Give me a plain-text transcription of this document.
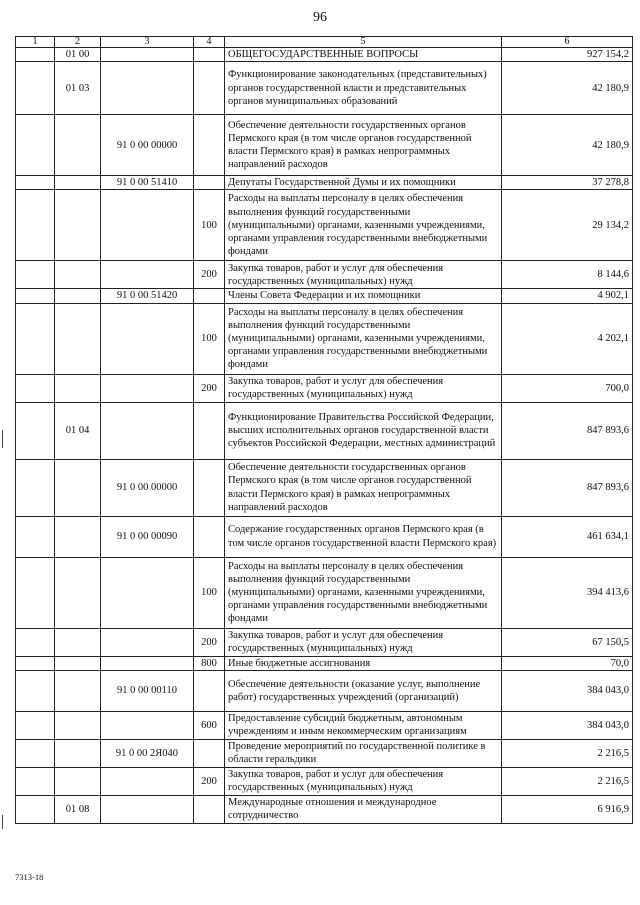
96
1	2	3	4	5	6
	01 00			ОБЩЕГОСУДАРСТВЕННЫЕ ВОПРОСЫ	927 154,2
	01 03			Функционирование законодательных (представительных) органов государственной власти и представительных органов муниципальных образований	42 180,9
		91 0 00 00000		Обеспечение деятельности государственных органов Пермского края (в том числе органов государственной власти Пермского края) в рамках непрограммных направлений расходов	42 180,9
		91 0 00 51410		Депутаты Государственной Думы и их помощники	37 278,8
			100	Расходы на выплаты персоналу в целях обеспечения выполнения функций государственными (муниципальными) органами, казенными учреждениями, органами управления государственными внебюджетными фондами	29 134,2
			200	Закупка товаров, работ и услуг для обеспечения государственных (муниципальных) нужд	8 144,6
		91 0 00 51420		Члены Совета Федерации и их помощники	4 902,1
			100	Расходы на выплаты персоналу в целях обеспечения выполнения функций государственными (муниципальными) органами, казенными учреждениями, органами управления государственными внебюджетными фондами	4 202,1
			200	Закупка товаров, работ и услуг для обеспечения государственных (муниципальных) нужд	700,0
	01 04			Функционирование Правительства Российской Федерации, высших исполнительных органов государственной власти субъектов Российской Федерации, местных администраций	847 893,6
		91 0 00 00000		Обеспечение деятельности государственных органов Пермского края (в том числе органов государственной власти Пермского края) в рамках непрограммных направлений расходов	847 893,6
		91 0 00 00090		Содержание государственных органов Пермского края (в том числе органов государственной власти Пермского края)	461 634,1
			100	Расходы на выплаты персоналу в целях обеспечения выполнения функций государственными (муниципальными) органами, казенными учреждениями, органами управления государственными внебюджетными фондами	394 413,6
			200	Закупка товаров, работ и услуг для обеспечения государственных (муниципальных) нужд	67 150,5
			800	Иные бюджетные ассигнования	70,0
		91 0 00 00110		Обеспечение деятельности (оказание услуг, выполнение работ) государственных учреждений (организаций)	384 043,0
			600	Предоставление субсидий бюджетным, автономным учреждениям и иным некоммерческим организациям	384 043,0
		91 0 00 2Я040		Проведение мероприятий по государственной политике в области геральдики	2 216,5
			200	Закупка товаров, работ и услуг для обеспечения государственных (муниципальных) нужд	2 216,5
	01 08			Международные отношения и международное сотрудничество	6 916,9
7313-18
